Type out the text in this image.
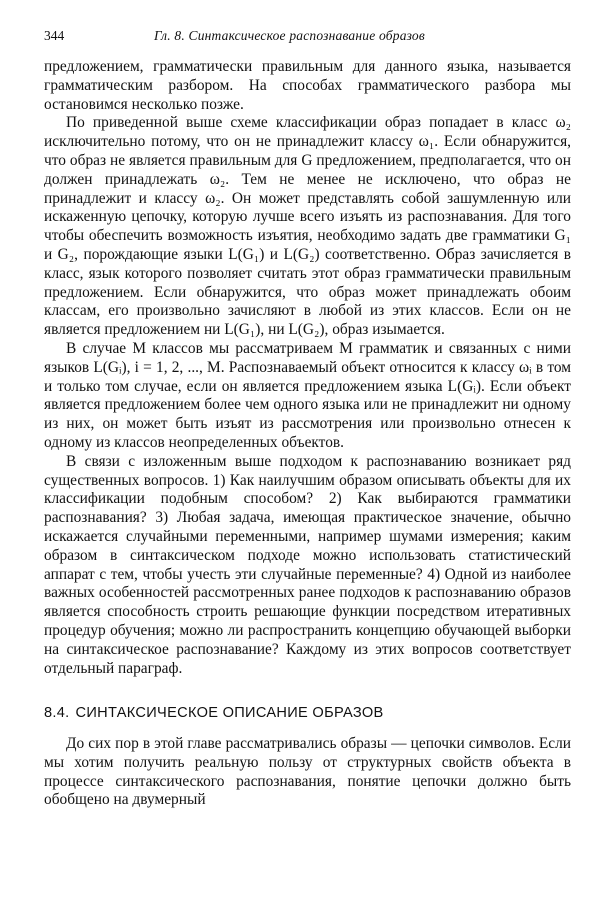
344	Гл. 8. Синтаксическое распознавание образов

предложением, грамматически правильным для данного языка, называется грамматическим разбором. На способах грамматического разбора мы остановимся несколько позже.

По приведенной выше схеме классификации образ попадает в класс ω₂ исключительно потому, что он не принадлежит классу ω₁. Если обнаружится, что образ не является правильным для G предложением, предполагается, что он должен принадлежать ω₂. Тем не менее не исключено, что образ не принадлежит и классу ω₂. Он может представлять собой зашумленную или искаженную цепочку, которую лучше всего изъять из распознавания. Для того чтобы обеспечить возможность изъятия, необходимо задать две грамматики G₁ и G₂, порождающие языки L(G₁) и L(G₂) соответственно. Образ зачисляется в класс, язык которого позволяет считать этот образ грамматически правильным предложением. Если обнаружится, что образ может принадлежать обоим классам, его произвольно зачисляют в любой из этих классов. Если он не является предложением ни L(G₁), ни L(G₂), образ изымается.

В случае M классов мы рассматриваем M грамматик и связанных с ними языков L(Gᵢ), i = 1, 2, ..., M. Распознаваемый объект относится к классу ωᵢ в том и только том случае, если он является предложением языка L(Gᵢ). Если объект является предложением более чем одного языка или не принадлежит ни одному из них, он может быть изъят из рассмотрения или произвольно отнесен к одному из классов неопределенных объектов.

В связи с изложенным выше подходом к распознаванию возникает ряд существенных вопросов. 1) Как наилучшим образом описывать объекты для их классификации подобным способом? 2) Как выбираются грамматики распознавания? 3) Любая задача, имеющая практическое значение, обычно искажается случайными переменными, например шумами измерения; каким образом в синтаксическом подходе можно использовать статистический аппарат с тем, чтобы учесть эти случайные переменные? 4) Одной из наиболее важных особенностей рассмотренных ранее подходов к распознаванию образов является способность строить решающие функции посредством итеративных процедур обучения; можно ли распространить концепцию обучающей выборки на синтаксическое распознавание? Каждому из этих вопросов соответствует отдельный параграф.

8.4. СИНТАКСИЧЕСКОЕ ОПИСАНИЕ ОБРАЗОВ

До сих пор в этой главе рассматривались образы — цепочки символов. Если мы хотим получить реальную пользу от структурных свойств объекта в процессе синтаксического распознавания, понятие цепочки должно быть обобщено на двумерный
